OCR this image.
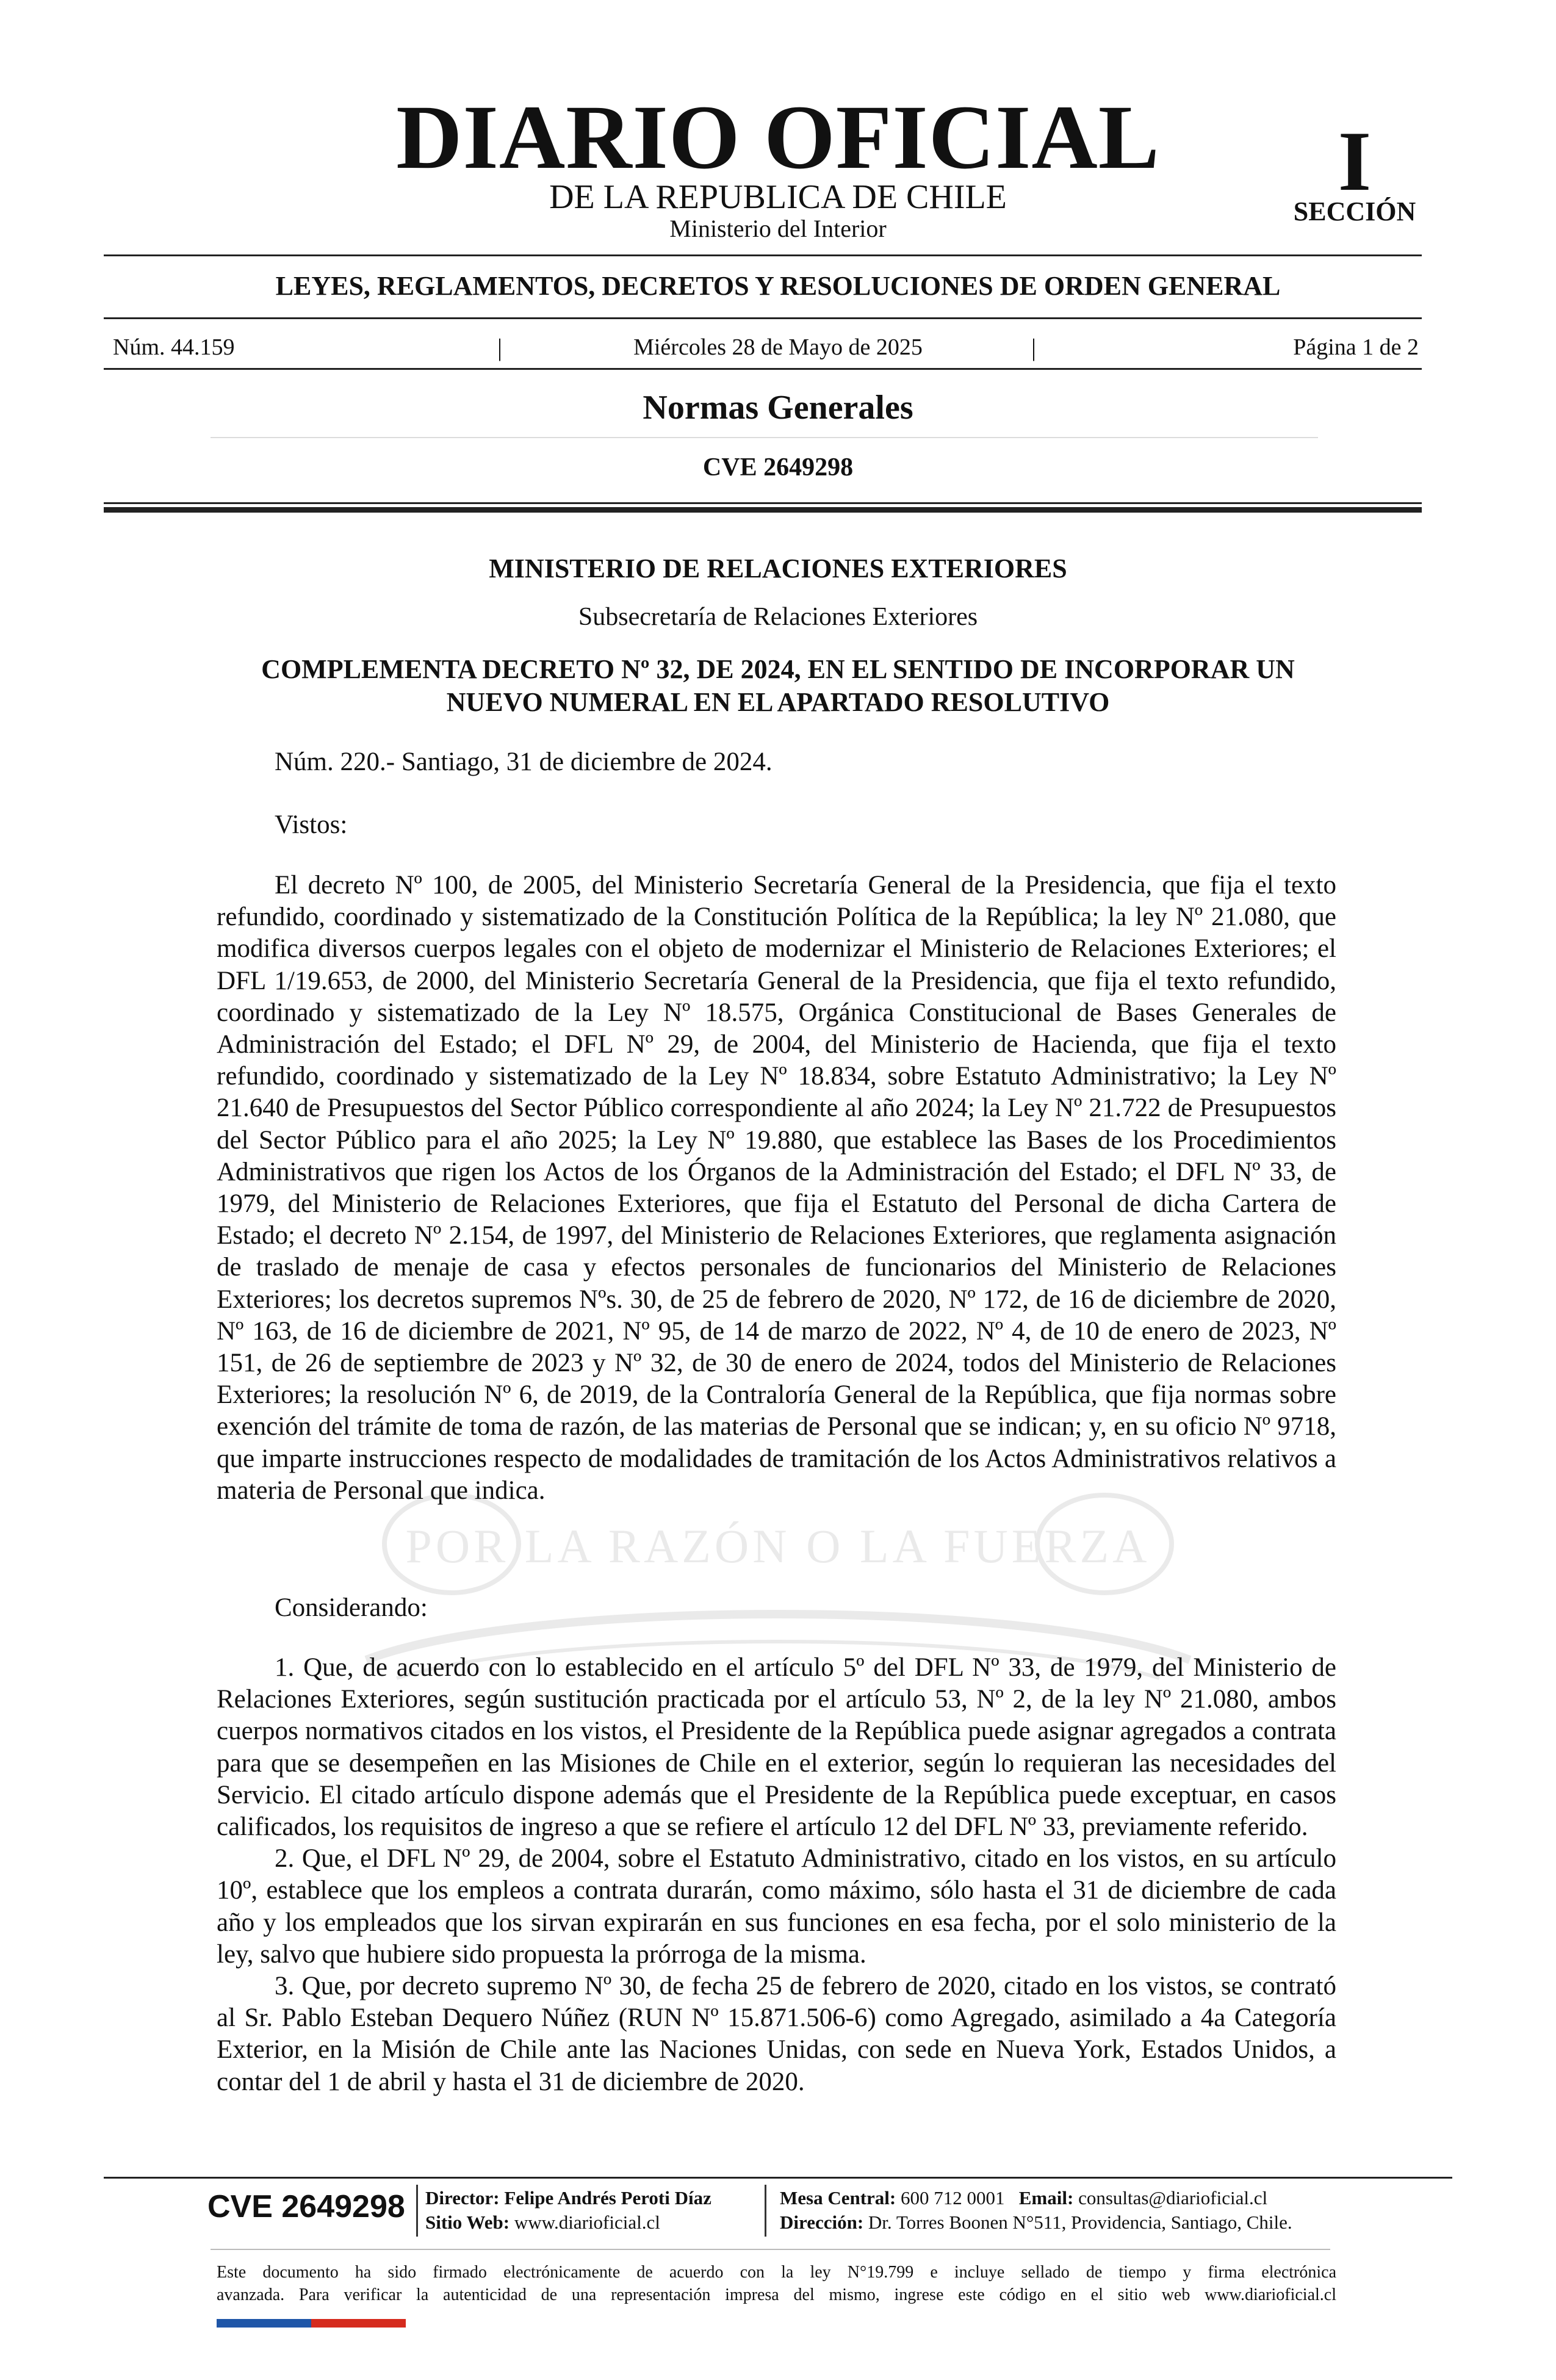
DIARIO OFICIAL
DE LA REPUBLICA DE CHILE
Ministerio del Interior
I
SECCIÓN
LEYES, REGLAMENTOS, DECRETOS Y RESOLUCIONES DE ORDEN GENERAL
Núm. 44.159	|	Miércoles 28 de Mayo de 2025	|	Página 1 de 2
Normas Generales
CVE 2649298
MINISTERIO DE RELACIONES EXTERIORES
Subsecretaría de Relaciones Exteriores
COMPLEMENTA DECRETO Nº 32, DE 2024, EN EL SENTIDO DE INCORPORAR UN
NUEVO NUMERAL EN EL APARTADO RESOLUTIVO
Núm. 220.- Santiago, 31 de diciembre de 2024.
Vistos:
POR LA RAZÓN O LA FUERZA

El decreto Nº 100, de 2005, del Ministerio Secretaría General de la Presidencia, que fija el texto refundido, coordinado y sistematizado de la Constitución Política de la República; la ley Nº 21.080, que modifica diversos cuerpos legales con el objeto de modernizar el Ministerio de Relaciones Exteriores; el DFL 1/19.653, de 2000, del Ministerio Secretaría General de la Presidencia, que fija el texto refundido, coordinado y sistematizado de la Ley Nº 18.575, Orgánica Constitucional de Bases Generales de Administración del Estado; el DFL Nº 29, de 2004, del Ministerio de Hacienda, que fija el texto refundido, coordinado y sistematizado de la Ley Nº 18.834, sobre Estatuto Administrativo; la Ley Nº 21.640 de Presupuestos del Sector Público correspondiente al año 2024; la Ley Nº 21.722 de Presupuestos del Sector Público para el año 2025; la Ley Nº 19.880, que establece las Bases de los Procedimientos Administrativos que rigen los Actos de los Órganos de la Administración del Estado; el DFL Nº 33, de 1979, del Ministerio de Relaciones Exteriores, que fija el Estatuto del Personal de dicha Cartera de Estado; el decreto Nº 2.154, de 1997, del Ministerio de Relaciones Exteriores, que reglamenta asignación de traslado de menaje de casa y efectos personales de funcionarios del Ministerio de Relaciones Exteriores; los decretos supremos Nºs. 30, de 25 de febrero de 2020, Nº 172, de 16 de diciembre de 2020, Nº 163, de 16 de diciembre de 2021, Nº 95, de 14 de marzo de 2022, Nº 4, de 10 de enero de 2023, Nº 151, de 26 de septiembre de 2023 y Nº 32, de 30 de enero de 2024, todos del Ministerio de Relaciones Exteriores; la resolución Nº 6, de 2019, de la Contraloría General de la República, que fija normas sobre exención del trámite de toma de razón, de las materias de Personal que se indican; y, en su oficio Nº 9718, que imparte instrucciones respecto de modalidades de tramitación de los Actos Administrativos relativos a materia de Personal que indica.

Considerando:

1. Que, de acuerdo con lo establecido en el artículo 5º del DFL Nº 33, de 1979, del Ministerio de Relaciones Exteriores, según sustitución practicada por el artículo 53, Nº 2, de la ley Nº 21.080, ambos cuerpos normativos citados en los vistos, el Presidente de la República puede asignar agregados a contrata para que se desempeñen en las Misiones de Chile en el exterior, según lo requieran las necesidades del Servicio. El citado artículo dispone además que el Presidente de la República puede exceptuar, en casos calificados, los requisitos de ingreso a que se refiere el artículo 12 del DFL Nº 33, previamente referido.

2. Que, el DFL Nº 29, de 2004, sobre el Estatuto Administrativo, citado en los vistos, en su artículo 10º, establece que los empleos a contrata durarán, como máximo, sólo hasta el 31 de diciembre de cada año y los empleados que los sirvan expirarán en sus funciones en esa fecha, por el solo ministerio de la ley, salvo que hubiere sido propuesta la prórroga de la misma.

3. Que, por decreto supremo Nº 30, de fecha 25 de febrero de 2020, citado en los vistos, se contrató al Sr. Pablo Esteban Dequero Núñez (RUN Nº 15.871.506-6) como Agregado, asimilado a 4a Categoría Exterior, en la Misión de Chile ante las Naciones Unidas, con sede en Nueva York, Estados Unidos, a contar del 1 de abril y hasta el 31 de diciembre de 2020.

CVE 2649298 Director: Felipe Andrés Peroti Díaz
Sitio Web: www.diarioficial.cl
Mesa Central: 600 712 0001 Email: consultas@diarioficial.cl
Dirección: Dr. Torres Boonen N°511, Providencia, Santiago, Chile.
Este documento ha sido firmado electrónicamente de acuerdo con la ley N°19.799 e incluye sellado de tiempo y firma electrónica
avanzada. Para verificar la autenticidad de una representación impresa del mismo, ingrese este código en el sitio web www.diarioficial.cl
